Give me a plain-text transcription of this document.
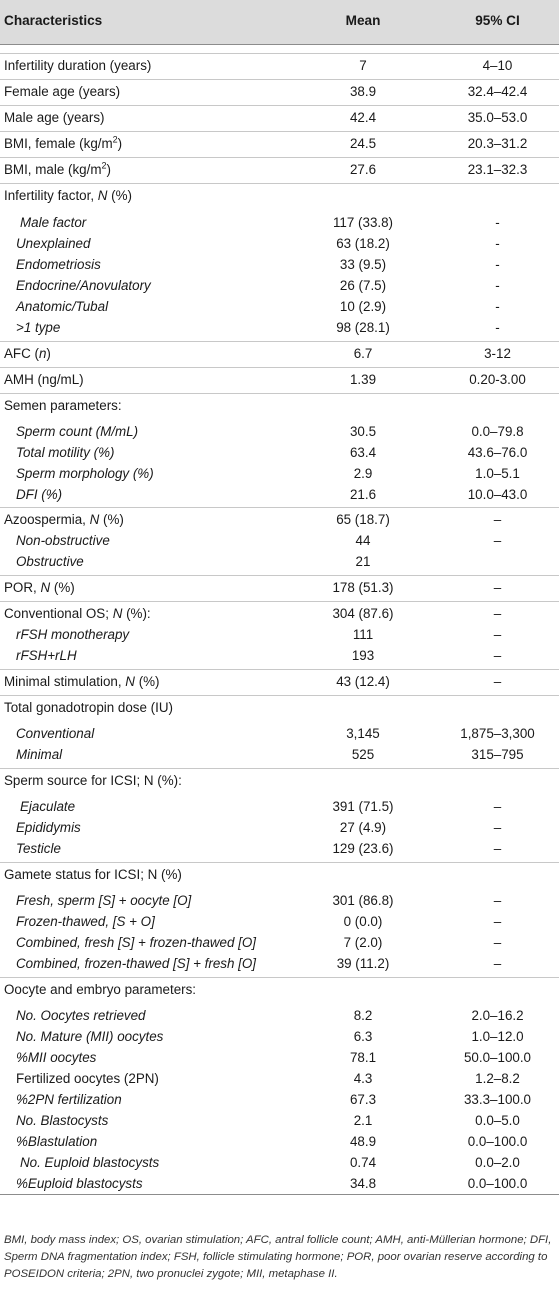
Characteristics	Mean	95% CI
Infertility duration (years)	7	4–10
Female age (years)	38.9	32.4–42.4
Male age (years)	42.4	35.0–53.0
BMI, female $(kg/m^2)$	24.5	20.3–31.2
BMI, male $(kg/m^2)$	27.6	23.1–32.3
Infertility factor, N (%)
Male factor	117 (33.8)	-
Unexplained	63 (18.2)	-
Endometriosis	33 (9.5)	-
Endocrine/Anovulatory	26 (7.5)	-
Anatomic/Tubal	10 (2.9)	-
>1 type	98 (28.1)	-
AFC (n)	6.7	3-12
AMH (ng/mL)	1.39	0.20-3.00
Semen parameters:
Sperm count (M/mL)	30.5	0.0–79.8
Total motility (%)	63.4	43.6–76.0
Sperm morphology (%)	2.9	1.0–5.1
DFI (%)	21.6	10.0–43.0
Azoospermia, N (%)	65 (18.7)	–
Non-obstructive	44	–
Obstructive	21
POR, N (%)	178 (51.3)	–
Conventional OS; N (%):	304 (87.6)	–
rFSH monotherapy	111	–
rFSH+rLH	193	–
Minimal stimulation, N (%)	43 (12.4)	–
Total gonadotropin dose (IU)
Conventional	3,145	1,875–3,300
Minimal	525	315–795
Sperm source for ICSI; N (%):
Ejaculate	391 (71.5)	–
Epididymis	27 (4.9)	–
Testicle	129 (23.6)	–
Gamete status for ICSI; N (%)
Fresh, sperm [S] + oocyte [O]	301 (86.8)	–
Frozen-thawed, [S + O]	0 (0.0)	–
Combined, fresh [S] + frozen-thawed [O]	7 (2.0)	–
Combined, frozen-thawed [S] + fresh [O]	39 (11.2)	–
Oocyte and embryo parameters:
No. Oocytes retrieved	8.2	2.0–16.2
No. Mature (MII) oocytes	6.3	1.0–12.0
%MII oocytes	78.1	50.0–100.0
Fertilized oocytes (2PN)	4.3	1.2–8.2
%2PN fertilization	67.3	33.3–100.0
No. Blastocysts	2.1	0.0–5.0
%Blastulation	48.9	0.0–100.0
No. Euploid blastocysts	0.74	0.0–2.0
%Euploid blastocysts	34.8	0.0–100.0
BMI, body mass index; OS, ovarian stimulation; AFC, antral follicle count; AMH, anti-Müllerian hormone; DFI, Sperm DNA fragmentation index; FSH, follicle stimulating hormone; POR, poor ovarian reserve according to POSEIDON criteria; 2PN, two pronuclei zygote; MII, metaphase II.
